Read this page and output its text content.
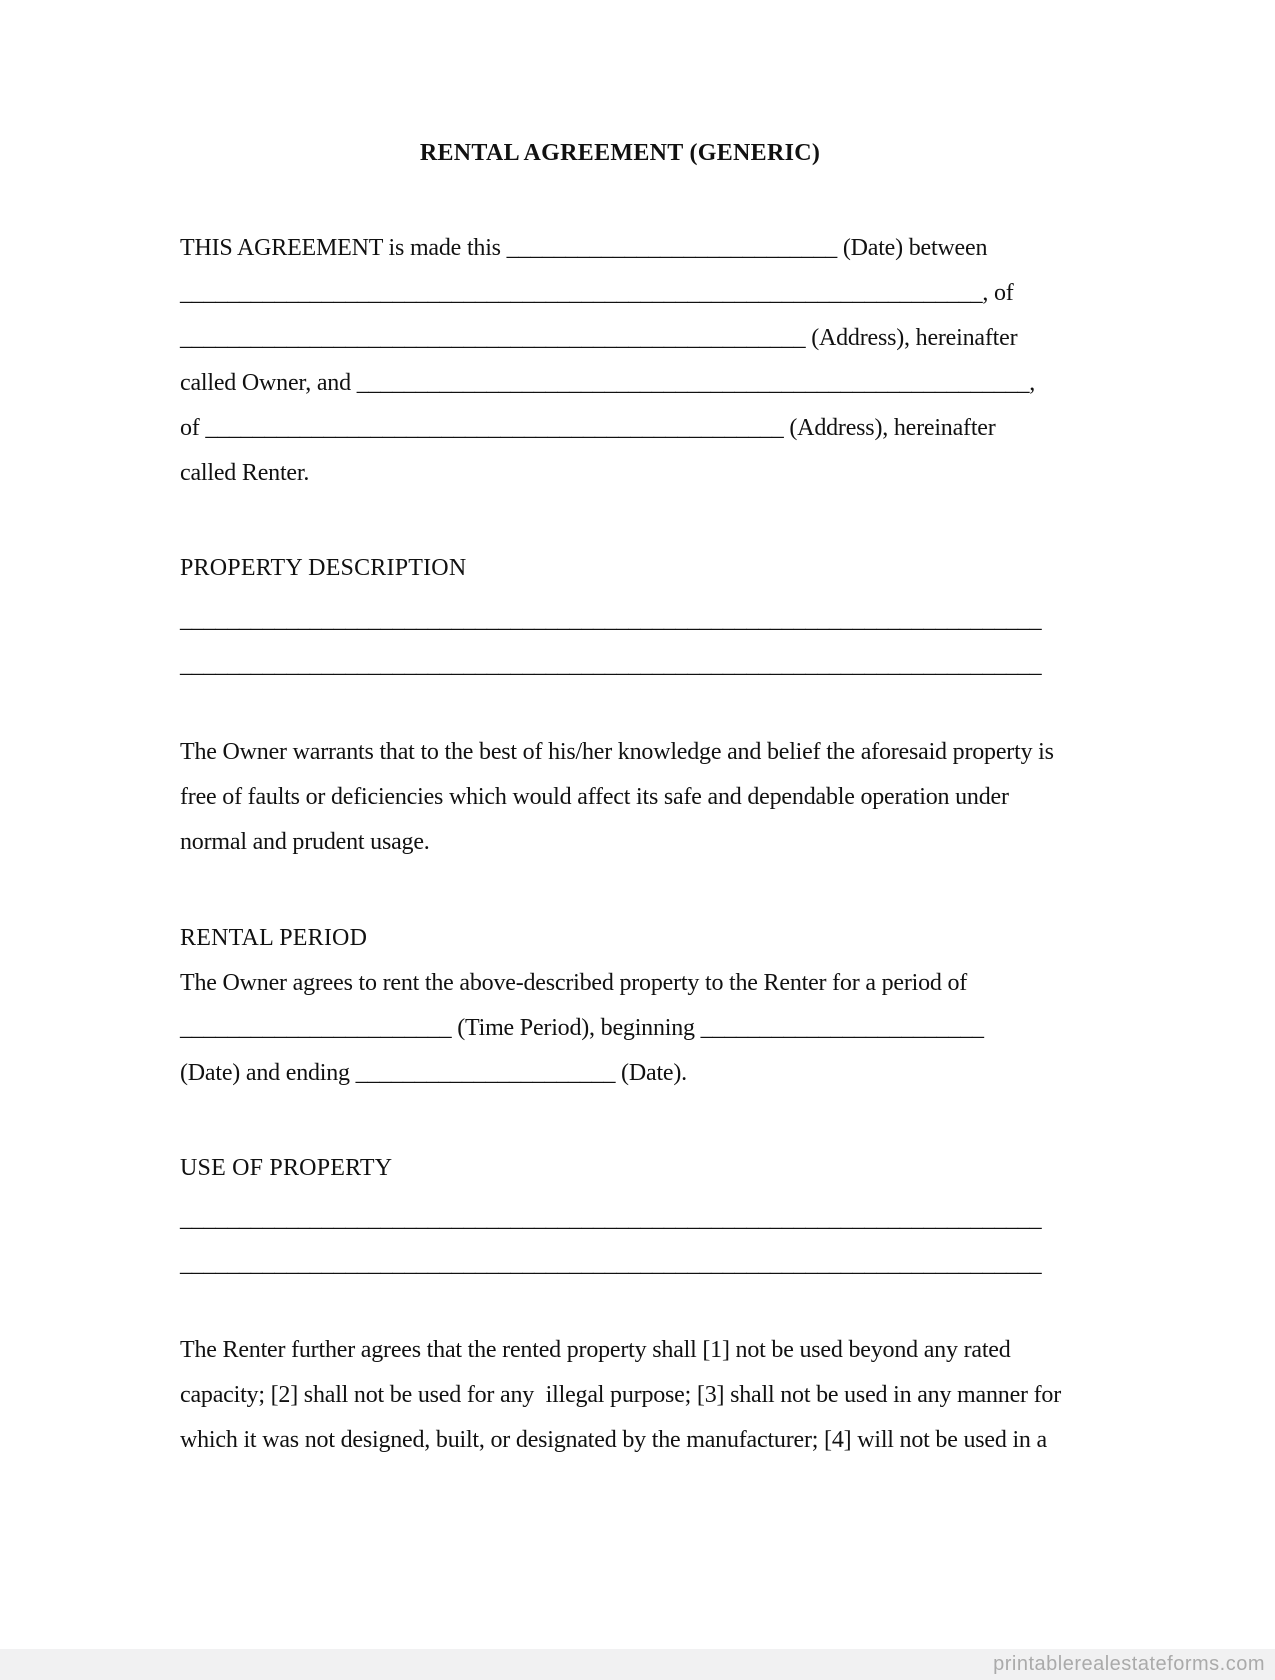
RENTAL AGREEMENT (GENERIC)
THIS AGREEMENT is made this ____________________________ (Date) between
____________________________________________________________________, of
_____________________________________________________ (Address), hereinafter
called Owner, and _________________________________________________________,
of _________________________________________________ (Address), hereinafter
called Renter.
PROPERTY DESCRIPTION
_________________________________________________________________________
_________________________________________________________________________
The Owner warrants that to the best of his/her knowledge and belief the aforesaid property is
free of faults or deficiencies which would affect its safe and dependable operation under
normal and prudent usage.
RENTAL PERIOD
The Owner agrees to rent the above-described property to the Renter for a period of
_______________________ (Time Period), beginning ________________________
(Date) and ending ______________________ (Date).
USE OF PROPERTY
_________________________________________________________________________
_________________________________________________________________________
The Renter further agrees that the rented property shall [1] not be used beyond any rated
capacity; [2] shall not be used for any  illegal purpose; [3] shall not be used in any manner for
which it was not designed, built, or designated by the manufacturer; [4] will not be used in a
printablerealestateforms.com
